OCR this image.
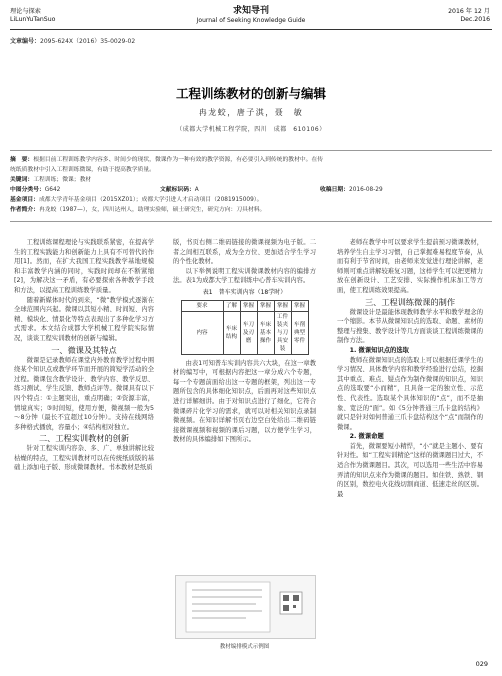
理论与探索
LiLunYuTanSuo
求知导刊
Journal of Seeking Knowledge Guide
2016 年 12 月
Dec.2016
文章编号：2095-624X（2016）35-0029-02
工程训练教材的创新与编辑
冉龙蛟，唐子淇，聂　敏
（成都大学机械工程学院，四川　成都　610106）
摘　要：根据目前工程训练教学内容多、时间少的现状，微课作为一种有效的教学资源，有必要引入到传统的教材中。在传
统纸质教材中引入工程训练微课，有助于提高教学质量。
关键词：工程训练；微课；教材
中图分类号：G642	文献标识码：A	收稿日期：2016-08-29
基金项目：成都大学青年基金项目（2015XZ01）；成都大学引进人才启动项目（2081915009）。
作者简介：冉龙蛟（1987—），女，四川达州人，助理实验师，硕士研究生，研究方向：刀具材料。

工程训练课程理论与实践联系紧密，在提高学生的工程实践能力和创新能力上具有不可替代的作用[1]。然而，在扩大我国工程实践教学基地规模和丰富教学内涵的同时，实践时间却在不断紧缩[2]，为解决这一矛盾，有必要探索各种教学手段和方法，以提高工程训练教学质量。

随着新媒体时代的到来，“微”教学模式逐渐在全球范围内兴起。微课以其短小精、时间短、内容精、模块化、情景化等特点表现出了多种化学习方式需求。本文结合成都大学机械工程学院实际情况，谈谈工程实训教材的创新与编辑。

一、微课及其特点

微课是记录教师在课堂内外教育教学过程中围绕某个知识点或教学环节而开展的简短学活动的全过程。微课包含教学设计、教学内容、教学反思、练习测试、学生反馈、教师点评等。微课具有以下四个特点：①主题突出，重点明确；②资源丰富，情境真实；③时间短，使用方便，微视频一般为5～8分钟（最长不宜超过10分钟）。支持在线网络多种格式播放，容量小；④结构相对独立。

二、工程实训教材的创新

针对工程实训内容杂、多、广、单独讲解比较枯燥的特点，工程实训教材可以在传统纸质版的基础上添加电子版、形成微课教材。书本教材是纸质

版，书页右侧二维码链接的微课视频为电子版。二者之间相互联系，成为全方位、更加适合学生学习的个性化教材。

以下举例说明工程实训微课教材内容的编排方法。表1为成都大学工程训练中心普车实训内容。

表1　普车实训内容（18学时）
要求	了解	掌握	掌握	掌握	掌握
内容	车床结构	车刀及刃磨	车床基本操作	工件装夹与刀具安装	车削典型零件

由表1可知普车实训内容共六大块，在这一章教材的编写中，可根据内容把这一章分成六个专题，每一个专题前面给出这一专题的框架，列出这一专题所包含的具体细化知识点，后面再对这些知识点进行详解细讲。由于对知识点进行了细化，它符合微课碎片化学习的需求，就可以对相关知识点录制微视频。在知识详解书页右边空白处给出二维码链接微课视频和视频的课后习题，以方便学生学习，教材的具体编排如下图所示。

教材编排模式示例图

老师在教学中可以要求学生提前预习微课教材，培养学生自主学习习惯，自己掌握难易程度节奏，从而有利于节省时间，由老师来发觉进行理论讲解，老师则可重点讲解较难复习题，这样学生可以把更精力放在创新设计、工艺安排、实际操作机床加工等方面，使工程训练效果提高。

三、工程训练微课的制作

微课设计是最能体现教师教学水平和教学理念的一个缩影。本节从微课知识点的选取、命题、素材的整理与搜集、教学设计等几方面谈谈工程训练微课的制作方法。

1. 微课知识点的选取

教师在微课知识点的选取上可以根据任课学生的学习情况、具体教学内容和教学经验进行总结，挖掘其中重点、难点、疑点作为制作微课的知识点，知识点的选取要“小而精”，且具备一定的独立性、示范性、代表性。选取某个具体知识的“点”，而不是抽象、宽泛的“面”。如《5分钟普通三爪卡盘的结构》就只是针对如何普通三爪卡盘结构这个“点”而制作的微课。

2. 微课命题

首先，微课要短小精悍，“小”就是主题小、要有针对性。如“工程实训精论”这样的微课题目过大，不适合作为微课题目。其次，可以选用一些生活中容易弄清的知识点来作为微课的题目。如住铁、熟铁、钢的区别，数控电火花线切割商道、低速走丝的区别。最

029
